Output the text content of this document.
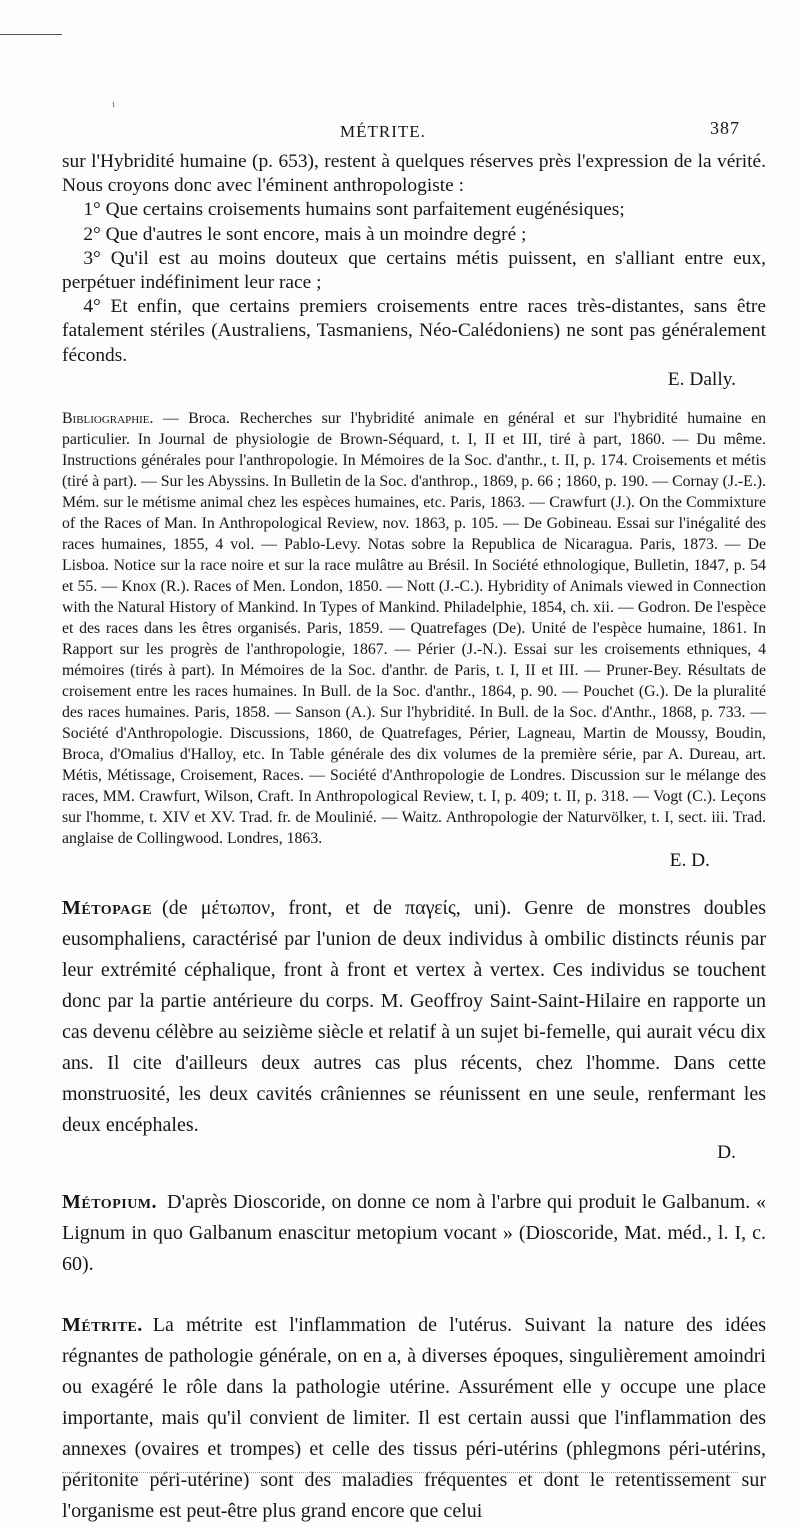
ι
MÉTRITE.	387

sur l'Hybridité humaine (p. 653), restent à quelques réserves près l'expression de la vérité. Nous croyons donc avec l'éminent anthropologiste :

1° Que certains croisements humains sont parfaitement eugénésiques;

2° Que d'autres le sont encore, mais à un moindre degré ;

3° Qu'il est au moins douteux que certains métis puissent, en s'alliant entre eux, perpétuer indéfiniment leur race ;

4° Et enfin, que certains premiers croisements entre races très-distantes, sans être fatalement stériles (Australiens, Tasmaniens, Néo-Calédoniens) ne sont pas généralement féconds.

E. Dally.

Bibliographie. — Broca. Recherches sur l'hybridité animale en général et sur l'hybridité humaine en particulier. In Journal de physiologie de Brown-Séquard, t. I, II et III, tiré à part, 1860. — Du même. Instructions générales pour l'anthropologie. In Mémoires de la Soc. d'anthr., t. II, p. 174. Croisements et métis (tiré à part). — Sur les Abyssins. In Bulletin de la Soc. d'anthrop., 1869, p. 66 ; 1860, p. 190. — Cornay (J.-E.). Mém. sur le métisme animal chez les espèces humaines, etc. Paris, 1863. — Crawfurt (J.). On the Commixture of the Races of Man. In Anthropological Review, nov. 1863, p. 105. — De Gobineau. Essai sur l'inégalité des races humaines, 1855, 4 vol. — Pablo-Levy. Notas sobre la Republica de Nicaragua. Paris, 1873. — De Lisboa. Notice sur la race noire et sur la race mulâtre au Brésil. In Société ethnologique, Bulletin, 1847, p. 54 et 55. — Knox (R.). Races of Men. London, 1850. — Nott (J.-C.). Hybridity of Animals viewed in Connection with the Natural History of Mankind. In Types of Mankind. Philadelphie, 1854, ch. xii. — Godron. De l'espèce et des races dans les êtres organisés. Paris, 1859. — Quatrefages (De). Unité de l'espèce humaine, 1861. In Rapport sur les progrès de l'anthropologie, 1867. — Périer (J.-N.). Essai sur les croisements ethniques, 4 mémoires (tirés à part). In Mémoires de la Soc. d'anthr. de Paris, t. I, II et III. — Pruner-Bey. Résultats de croisement entre les races humaines. In Bull. de la Soc. d'anthr., 1864, p. 90. — Pouchet (G.). De la pluralité des races humaines. Paris, 1858. — Sanson (A.). Sur l'hybridité. In Bull. de la Soc. d'Anthr., 1868, p. 733. — Société d'Anthropologie. Discussions, 1860, de Quatrefages, Périer, Lagneau, Martin de Moussy, Boudin, Broca, d'Omalius d'Halloy, etc. In Table générale des dix volumes de la première série, par A. Dureau, art. Métis, Métissage, Croisement, Races. — Société d'Anthropologie de Londres. Discussion sur le mélange des races, MM. Crawfurt, Wilson, Craft. In Anthropological Review, t. I, p. 409; t. II, p. 318. — Vogt (C.). Leçons sur l'homme, t. XIV et XV. Trad. fr. de Moulinié. — Waitz. Anthropologie der Naturvölker, t. I, sect. iii. Trad. anglaise de Collingwood. Londres, 1863.

E. D.

Métopage (de μέτωπον, front, et de παγείς, uni). Genre de monstres doubles eusomphaliens, caractérisé par l'union de deux individus à ombilic distincts réunis par leur extrémité céphalique, front à front et vertex à vertex. Ces individus se touchent donc par la partie antérieure du corps. M. Geoffroy Saint-Saint-Hilaire en rapporte un cas devenu célèbre au seizième siècle et relatif à un sujet bi-femelle, qui aurait vécu dix ans. Il cite d'ailleurs deux autres cas plus récents, chez l'homme. Dans cette monstruosité, les deux cavités crâniennes se réunissent en une seule, renfermant les deux encéphales.

D.

Métopium. D'après Dioscoride, on donne ce nom à l'arbre qui produit le Galbanum. « Lignum in quo Galbanum enascitur metopium vocant » (Dioscoride, Mat. méd., l. I, c. 60).

Métrite. La métrite est l'inflammation de l'utérus. Suivant la nature des idées régnantes de pathologie générale, on en a, à diverses époques, singulièrement amoindri ou exagéré le rôle dans la pathologie utérine. Assurément elle y occupe une place importante, mais qu'il convient de limiter. Il est certain aussi que l'inflammation des annexes (ovaires et trompes) et celle des tissus péri-utérins (phlegmons péri-utérins, péritonite péri-utérine) sont des maladies fréquentes et dont le retentissement sur l'organisme est peut-être plus grand encore que celui
